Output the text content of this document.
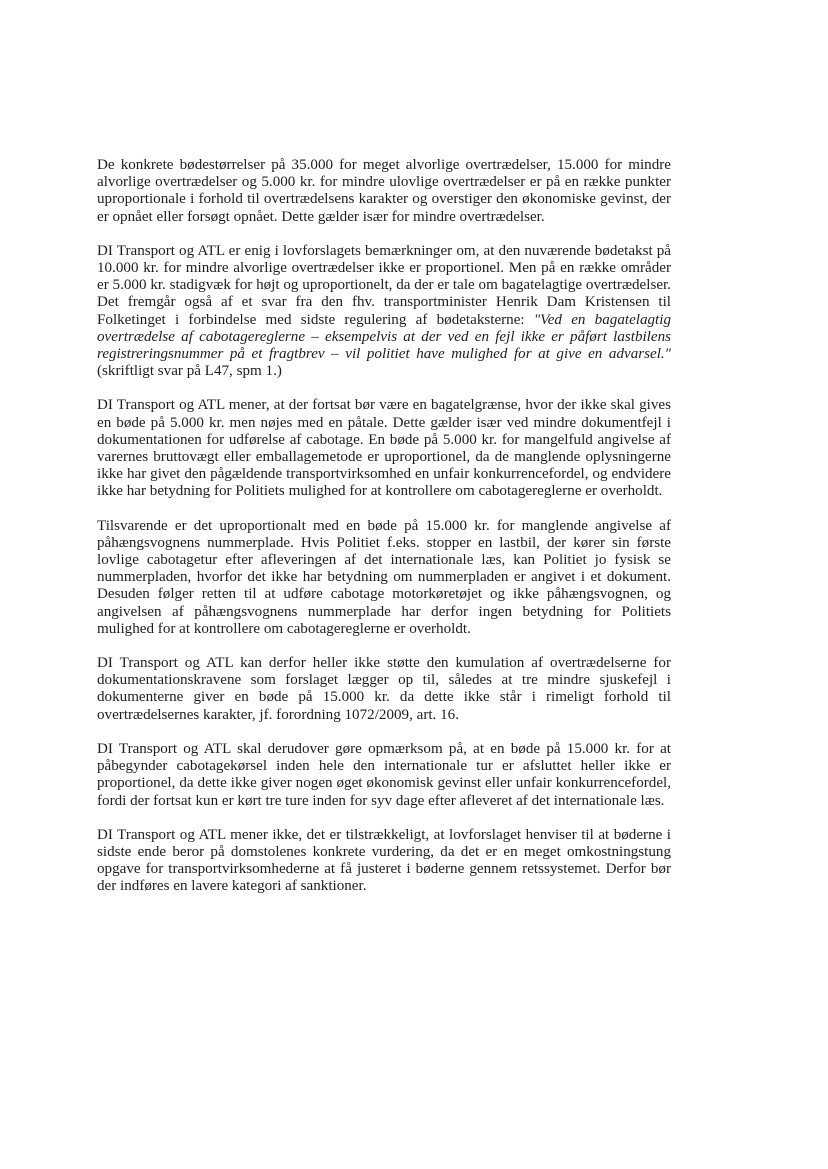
De konkrete bødestørrelser på 35.000 for meget alvorlige overtrædelser, 15.000 for mindre alvorlige overtrædelser og 5.000 kr. for mindre ulovlige overtrædelser er på en række punkter uproportionale i forhold til overtrædelsens karakter og overstiger den økonomiske gevinst, der er opnået eller forsøgt opnået. Dette gælder især for mindre overtrædelser.

DI Transport og ATL er enig i lovforslagets bemærkninger om, at den nuværende bødetakst på 10.000 kr. for mindre alvorlige overtrædelser ikke er proportionel. Men på en række områder er 5.000 kr. stadigvæk for højt og uproportionelt, da der er tale om bagatelagtige overtrædelser. Det fremgår også af et svar fra den fhv. transportminister Henrik Dam Kristensen til Folketinget i forbindelse med sidste regulering af bødetaksterne: "Ved en bagatelagtig overtrædelse af cabotagereglerne – eksempelvis at der ved en fejl ikke er påført lastbilens registreringsnummer på et fragtbrev – vil politiet have mulighed for at give en advarsel." (skriftligt svar på L47, spm 1.)

DI Transport og ATL mener, at der fortsat bør være en bagatelgrænse, hvor der ikke skal gives en bøde på 5.000 kr. men nøjes med en påtale. Dette gælder især ved mindre dokumentfejl i dokumentationen for udførelse af cabotage. En bøde på 5.000 kr. for mangelfuld angivelse af varernes bruttovægt eller emballagemetode er uproportionel, da de manglende oplysningerne ikke har givet den pågældende transportvirksomhed en unfair konkurrencefordel, og endvidere ikke har betydning for Politiets mulighed for at kontrollere om cabotagereglerne er overholdt.

Tilsvarende er det uproportionalt med en bøde på 15.000 kr. for manglende angivelse af påhængsvognens nummerplade. Hvis Politiet f.eks. stopper en lastbil, der kører sin første lovlige cabotagetur efter afleveringen af det internationale læs, kan Politiet jo fysisk se nummerpladen, hvorfor det ikke har betydning om nummerpladen er angivet i et dokument. Desuden følger retten til at udføre cabotage motorkøretøjet og ikke påhængsvognen, og angivelsen af påhængsvognens nummerplade har derfor ingen betydning for Politiets mulighed for at kontrollere om cabotagereglerne er overholdt.

DI Transport og ATL kan derfor heller ikke støtte den kumulation af overtrædelserne for dokumentationskravene som forslaget lægger op til, således at tre mindre sjuskefejl i dokumenterne giver en bøde på 15.000 kr. da dette ikke står i rimeligt forhold til overtrædelsernes karakter, jf. forordning 1072/2009, art. 16.

DI Transport og ATL skal derudover gøre opmærksom på, at en bøde på 15.000 kr. for at påbegynder cabotagekørsel inden hele den internationale tur er afsluttet heller ikke er proportionel, da dette ikke giver nogen øget økonomisk gevinst eller unfair konkurrencefordel, fordi der fortsat kun er kørt tre ture inden for syv dage efter afleveret af det internationale læs.

DI Transport og ATL mener ikke, det er tilstrækkeligt, at lovforslaget henviser til at bøderne i sidste ende beror på domstolenes konkrete vurdering, da det er en meget omkostningstung opgave for transportvirksomhederne at få justeret i bøderne gennem retssystemet. Derfor bør der indføres en lavere kategori af sanktioner.
